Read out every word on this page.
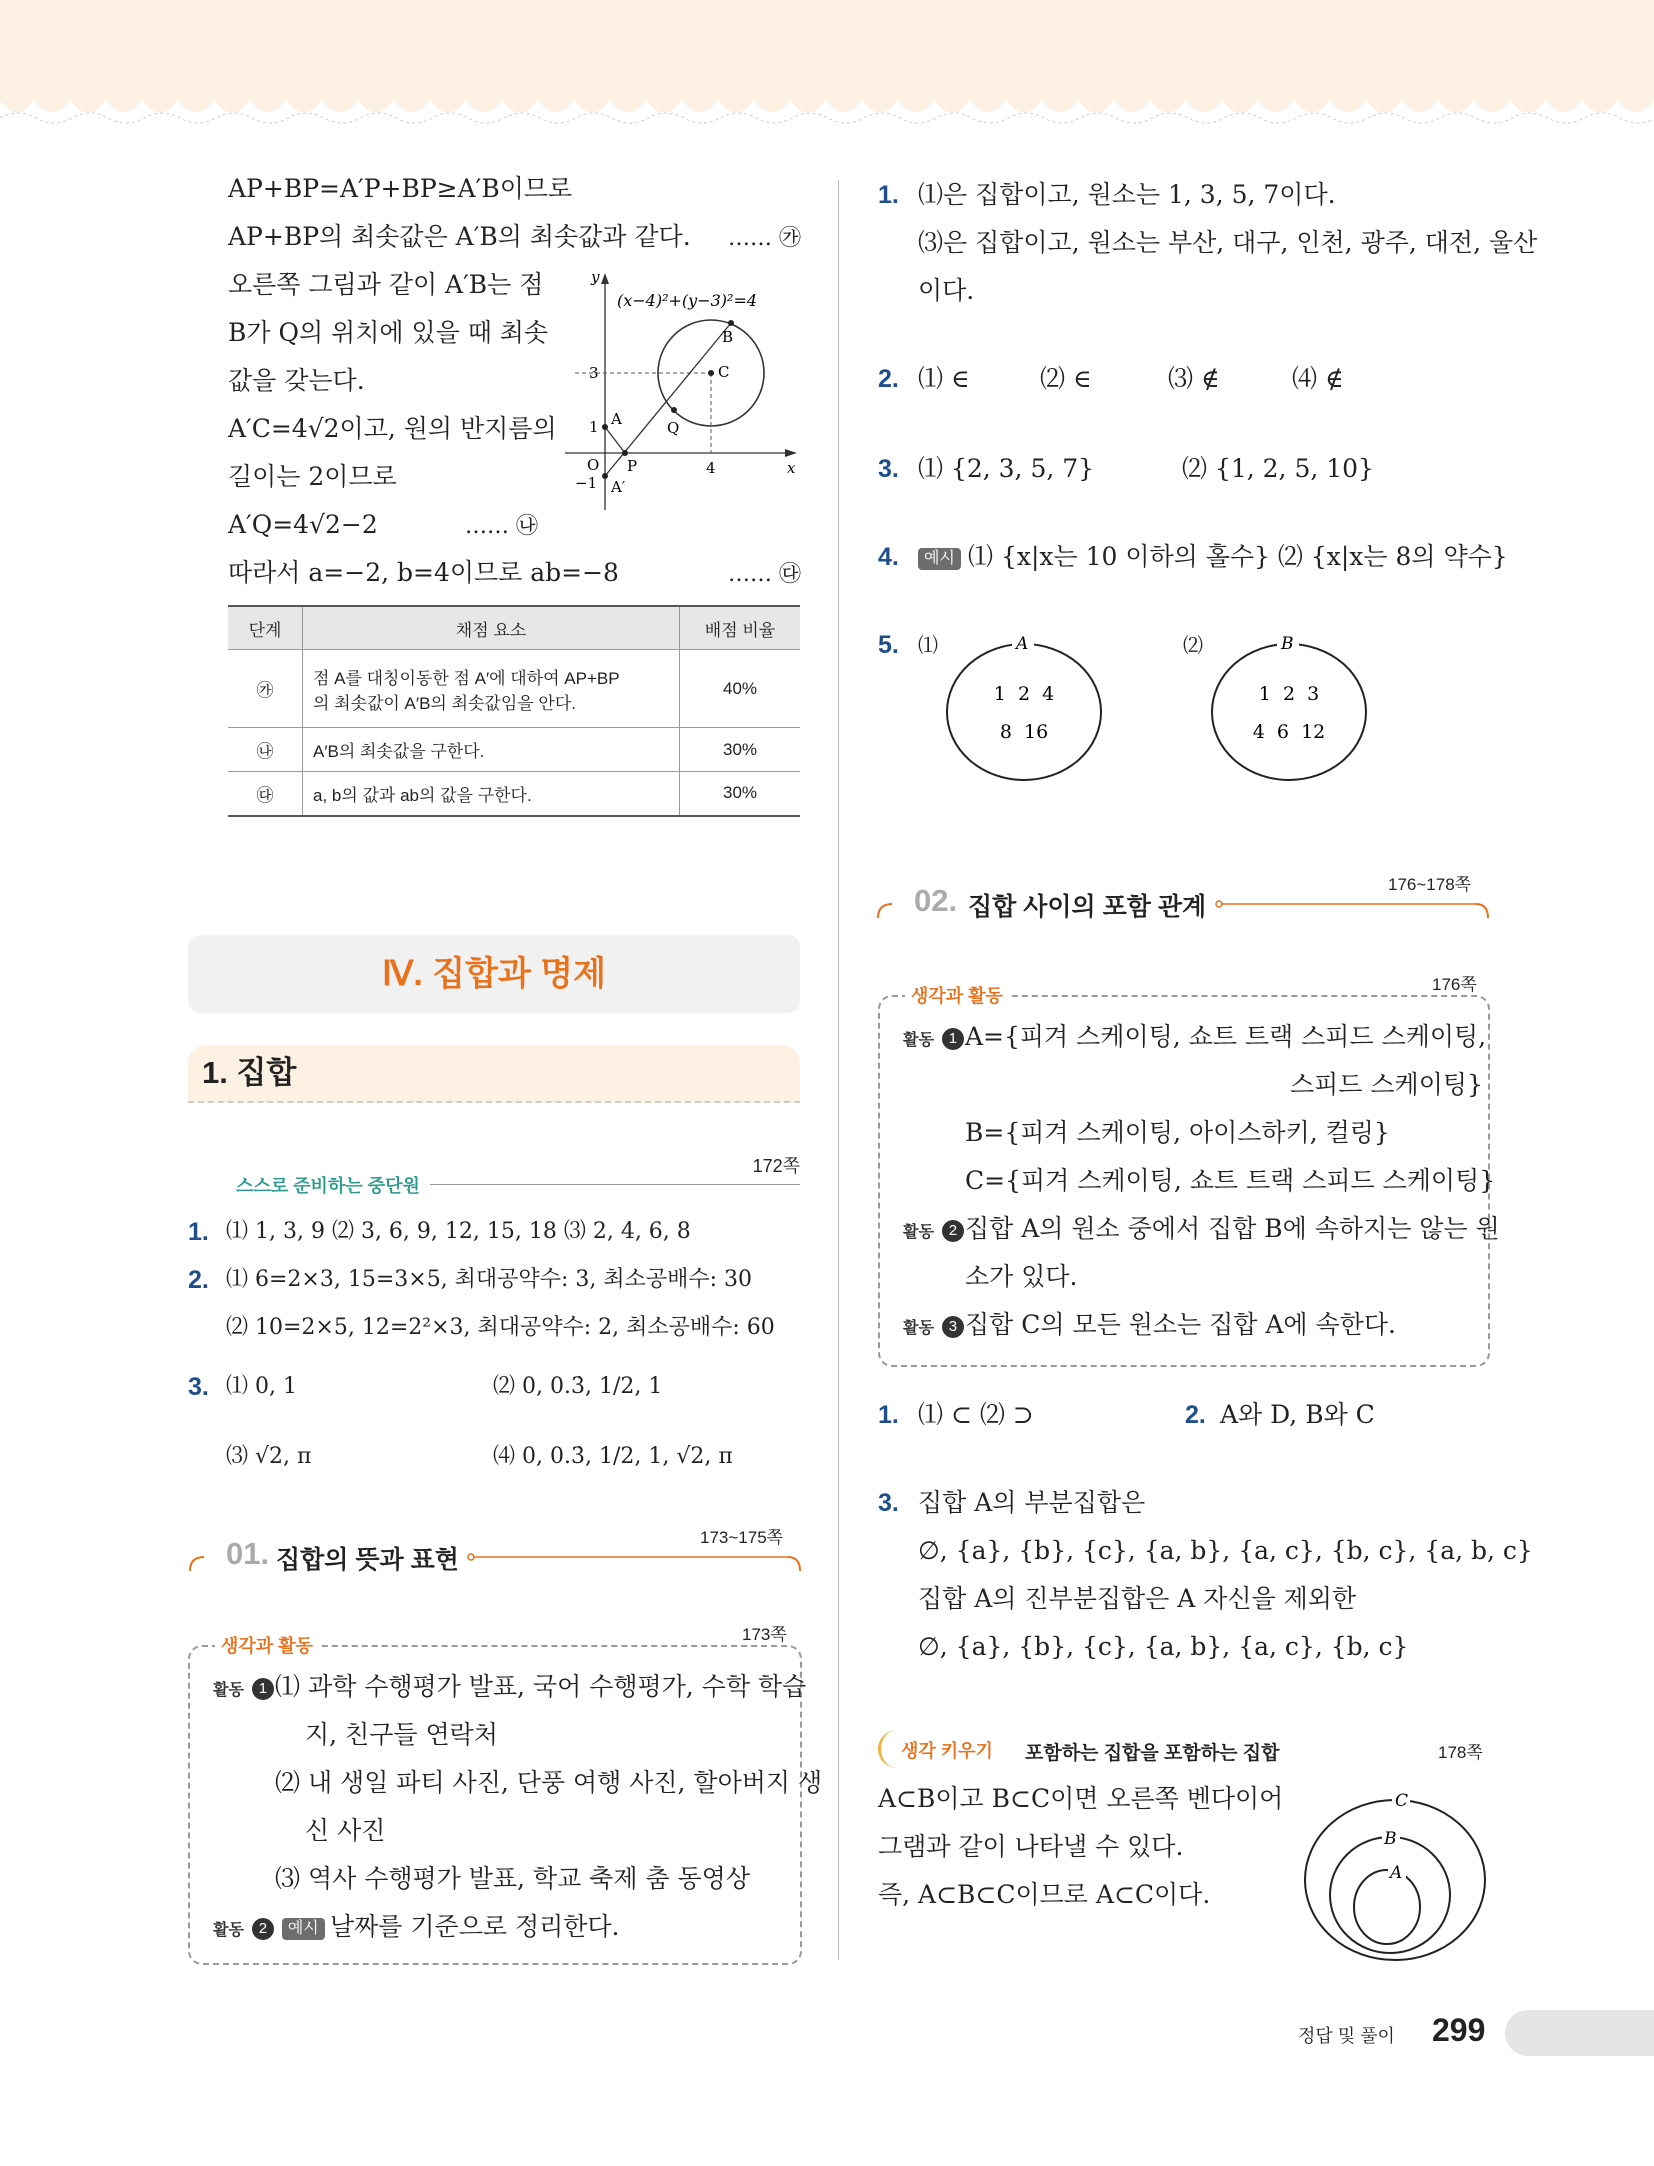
AP+BP=A′P+BP≥A′B이므로
AP+BP의 최솟값은 A′B의 최솟값과 같다. …… ㉮
오른쪽 그림과 같이 A′B는 점
B가 Q의 위치에 있을 때 최솟
값을 갖는다.
A′C=4√2이고, 원의 반지름의
길이는 2이므로
A′Q=4√2−2	…… ㉯
따라서 a=−2, b=4이므로 ab=−8	…… ㉰
y
x
O
A
A′
P
Q
B
C
3
1
4
−1
(x−4)²+(y−3)²=4
단계	채점 요소	배점 비율
㉮	점 A를 대칭이동한 점 A′에 대하여 AP+BP
의 최솟값이 A′B의 최솟값임을 안다.	40%
㉯	A′B의 최솟값을 구한다.	30%
㉰	a, b의 값과 ab의 값을 구한다.	30%
Ⅳ. 집합과 명제
1. 집합
스스로 준비하는 중단원
172쪽
1. ⑴ 1, 3, 9 ⑵ 3, 6, 9, 12, 15, 18 ⑶ 2, 4, 6, 8
2. ⑴ 6=2×3, 15=3×5, 최대공약수: 3, 최소공배수: 30
⑵ 10=2×5, 12=2²×3, 최대공약수: 2, 최소공배수: 60
3. ⑴ 0, 1	⑵ 0, 0.3̇, 1/2, 1
⑶ √2, π	⑷ 0, 0.3̇, 1/2, 1, √2, π
01. 집합의 뜻과 표현
173~175쪽
생각과 활동
173쪽
활동 1 ⑴ 과학 수행평가 발표, 국어 수행평가, 수학 학습
지, 친구들 연락처
⑵ 내 생일 파티 사진, 단풍 여행 사진, 할아버지 생
신 사진
⑶ 역사 수행평가 발표, 학교 축제 춤 동영상
활동 2 예시 날짜를 기준으로 정리한다.
1. ⑴은 집합이고, 원소는 1, 3, 5, 7이다.
⑶은 집합이고, 원소는 부산, 대구, 인천, 광주, 대전, 울산
이다.
2. ⑴ ∈	⑵ ∈	⑶ ∉	⑷ ∉
3. ⑴ {2, 3, 5, 7}	⑵ {1, 2, 5, 10}
4.	예시 ⑴ {x|x는 10 이하의 홀수} ⑵ {x|x는 8의 약수}
5. ⑴	A
1  2  4
8  16
⑵	B
1  2  3
4  6  12
02. 집합 사이의 포함 관계
176~178쪽
생각과 활동
176쪽
활동 1 A={피겨 스케이팅, 쇼트 트랙 스피드 스케이팅,
스피드 스케이팅}
B={피겨 스케이팅, 아이스하키, 컬링}
C={피겨 스케이팅, 쇼트 트랙 스피드 스케이팅}
활동 2 집합 A의 원소 중에서 집합 B에 속하지는 않는 원
소가 있다.
활동 3 집합 C의 모든 원소는 집합 A에 속한다.
1. ⑴ ⊂ ⑵ ⊃	2. A와 D, B와 C
3. 집합 A의 부분집합은
∅, {a}, {b}, {c}, {a, b}, {a, c}, {b, c}, {a, b, c}
집합 A의 진부분집합은 A 자신을 제외한
∅, {a}, {b}, {c}, {a, b}, {a, c}, {b, c}
생각 키우기 포함하는 집합을 포함하는 집합	178쪽
A⊂B이고 B⊂C이면 오른쪽 벤다이어
그램과 같이 나타낼 수 있다.
즉, A⊂B⊂C이므로 A⊂C이다.
C
B
A
정답 및 풀이 299
